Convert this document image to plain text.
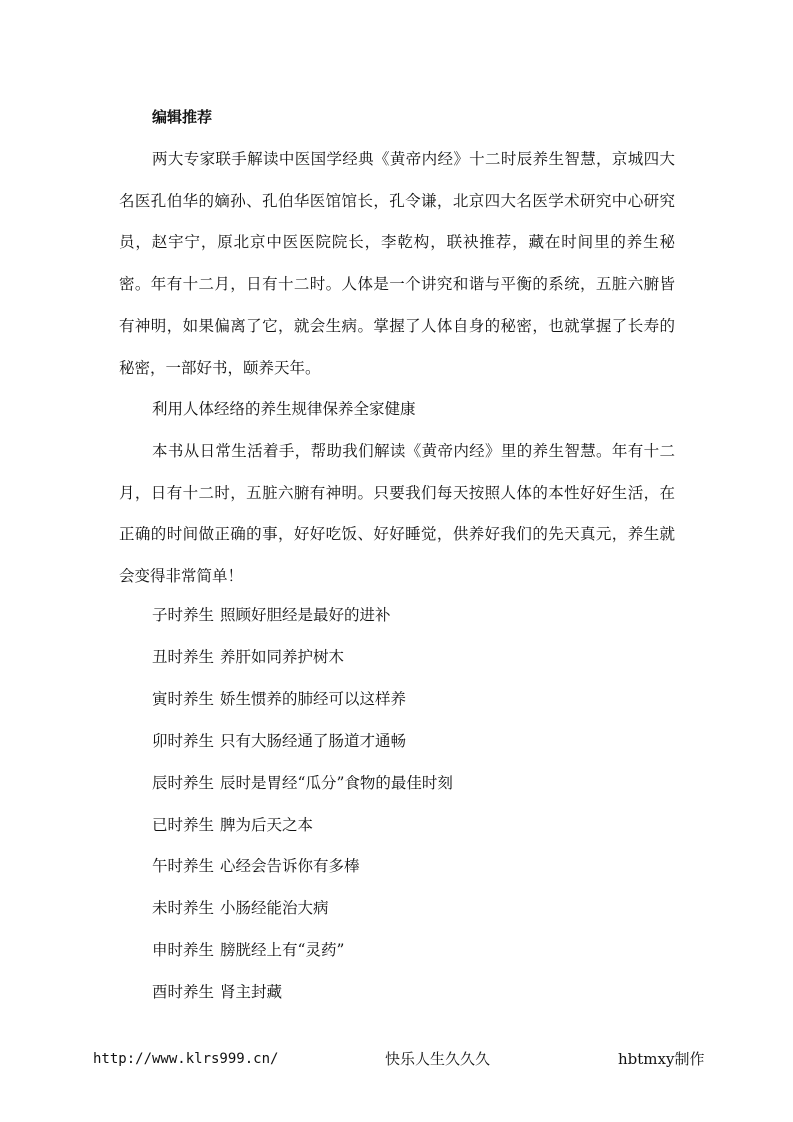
编辑推荐

两大专家联手解读中医国学经典《黄帝内经》十二时辰养生智慧，京城四大名医孔伯华的嫡孙、孔伯华医馆馆长，孔令谦，北京四大名医学术研究中心研究员，赵宇宁，原北京中医医院院长，李乾构，联袂推荐，藏在时间里的养生秘密。年有十二月，日有十二时。人体是一个讲究和谐与平衡的系统，五脏六腑皆有神明，如果偏离了它，就会生病。掌握了人体自身的秘密，也就掌握了长寿的秘密，一部好书，颐养天年。

利用人体经络的养生规律保养全家健康

本书从日常生活着手，帮助我们解读《黄帝内经》里的养生智慧。年有十二月，日有十二时，五脏六腑有神明。只要我们每天按照人体的本性好好生活，在正确的时间做正确的事，好好吃饭、好好睡觉，供养好我们的先天真元，养生就会变得非常简单！

子时养生 照顾好胆经是最好的进补
丑时养生 养肝如同养护树木
寅时养生 娇生惯养的肺经可以这样养
卯时养生 只有大肠经通了肠道才通畅
辰时养生 辰时是胃经“瓜分”食物的最佳时刻
已时养生 脾为后天之本
午时养生 心经会告诉你有多棒
未时养生 小肠经能治大病
申时养生 膀胱经上有“灵药”
酉时养生 肾主封藏
http://www.klrs999.cn/	快乐人生久久久	hbtmxy制作
